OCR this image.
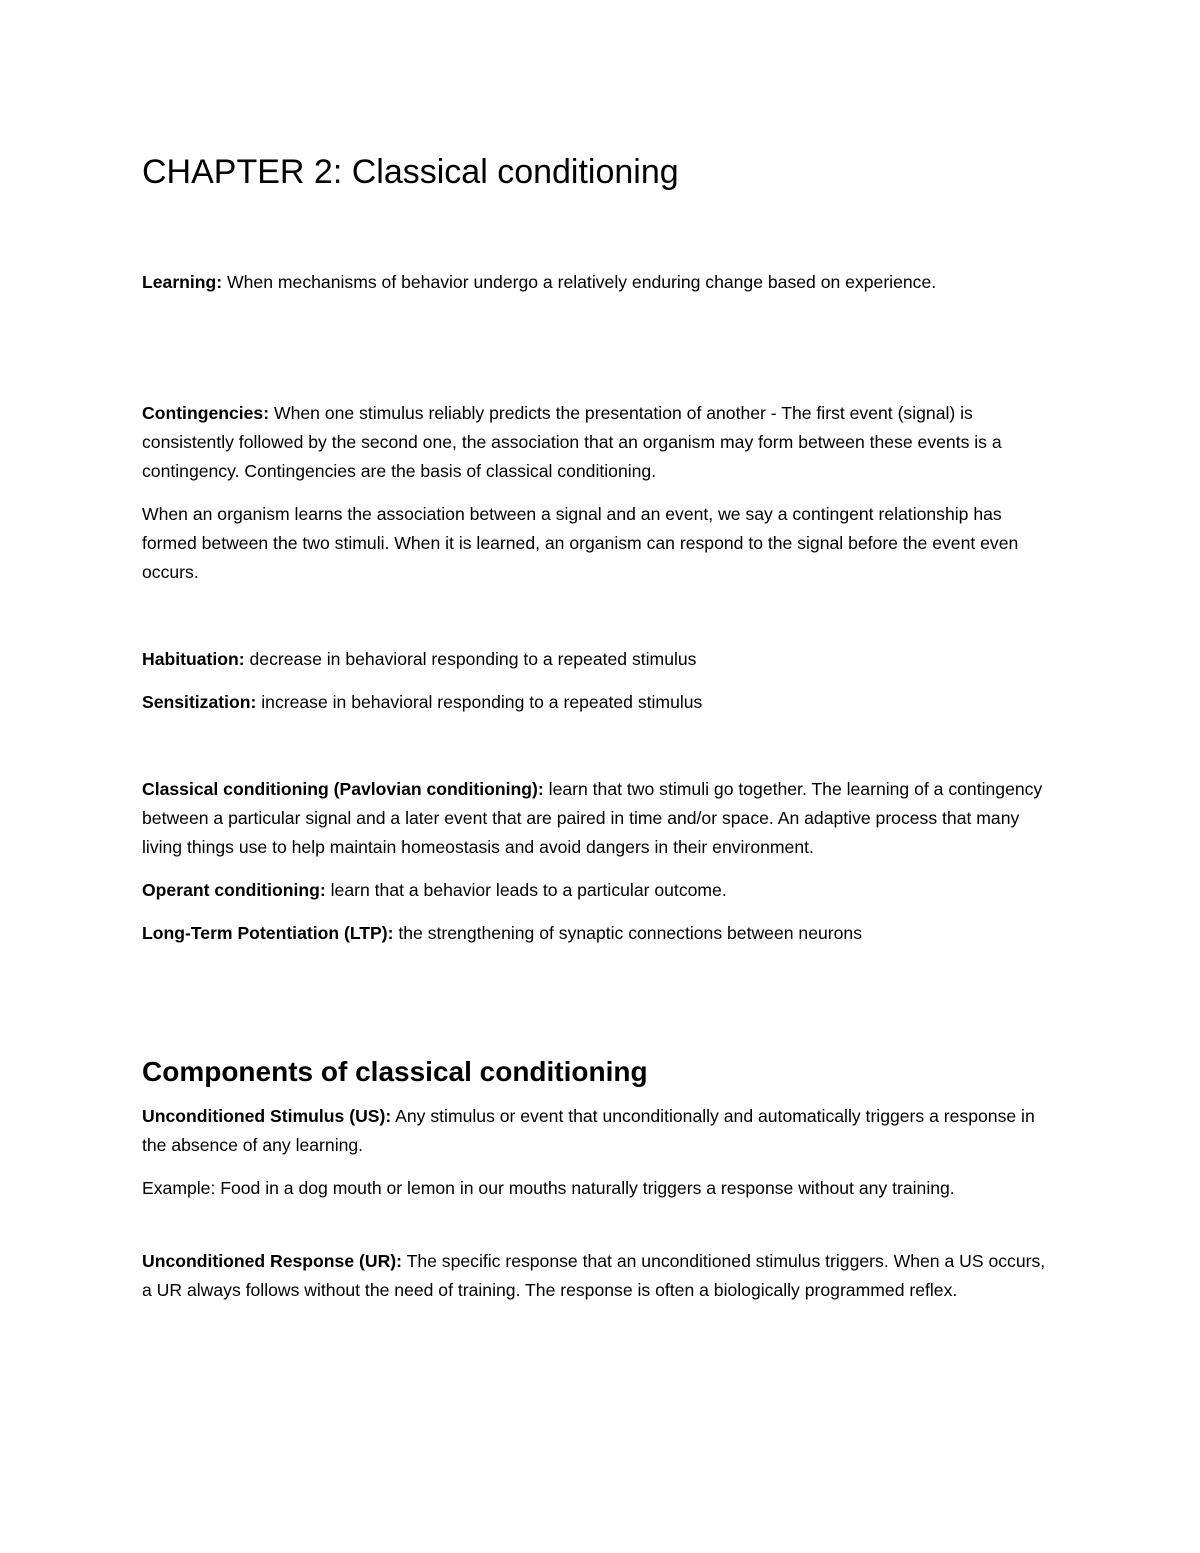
CHAPTER 2: Classical conditioning

Learning: When mechanisms of behavior undergo a relatively enduring change based on experience.

Contingencies: When one stimulus reliably predicts the presentation of another - The first event (signal) is consistently followed by the second one, the association that an organism may form between these events is a contingency. Contingencies are the basis of classical conditioning.

When an organism learns the association between a signal and an event, we say a contingent relationship has formed between the two stimuli. When it is learned, an organism can respond to the signal before the event even occurs.

Habituation: decrease in behavioral responding to a repeated stimulus

Sensitization: increase in behavioral responding to a repeated stimulus

Classical conditioning (Pavlovian conditioning): learn that two stimuli go together. The learning of a contingency between a particular signal and a later event that are paired in time and/or space. An adaptive process that many living things use to help maintain homeostasis and avoid dangers in their environment.

Operant conditioning: learn that a behavior leads to a particular outcome.

Long-Term Potentiation (LTP): the strengthening of synaptic connections between neurons

Components of classical conditioning

Unconditioned Stimulus (US): Any stimulus or event that unconditionally and automatically triggers a response in the absence of any learning.

Example: Food in a dog mouth or lemon in our mouths naturally triggers a response without any training.

Unconditioned Response (UR): The specific response that an unconditioned stimulus triggers. When a US occurs, a UR always follows without the need of training. The response is often a biologically programmed reflex.
